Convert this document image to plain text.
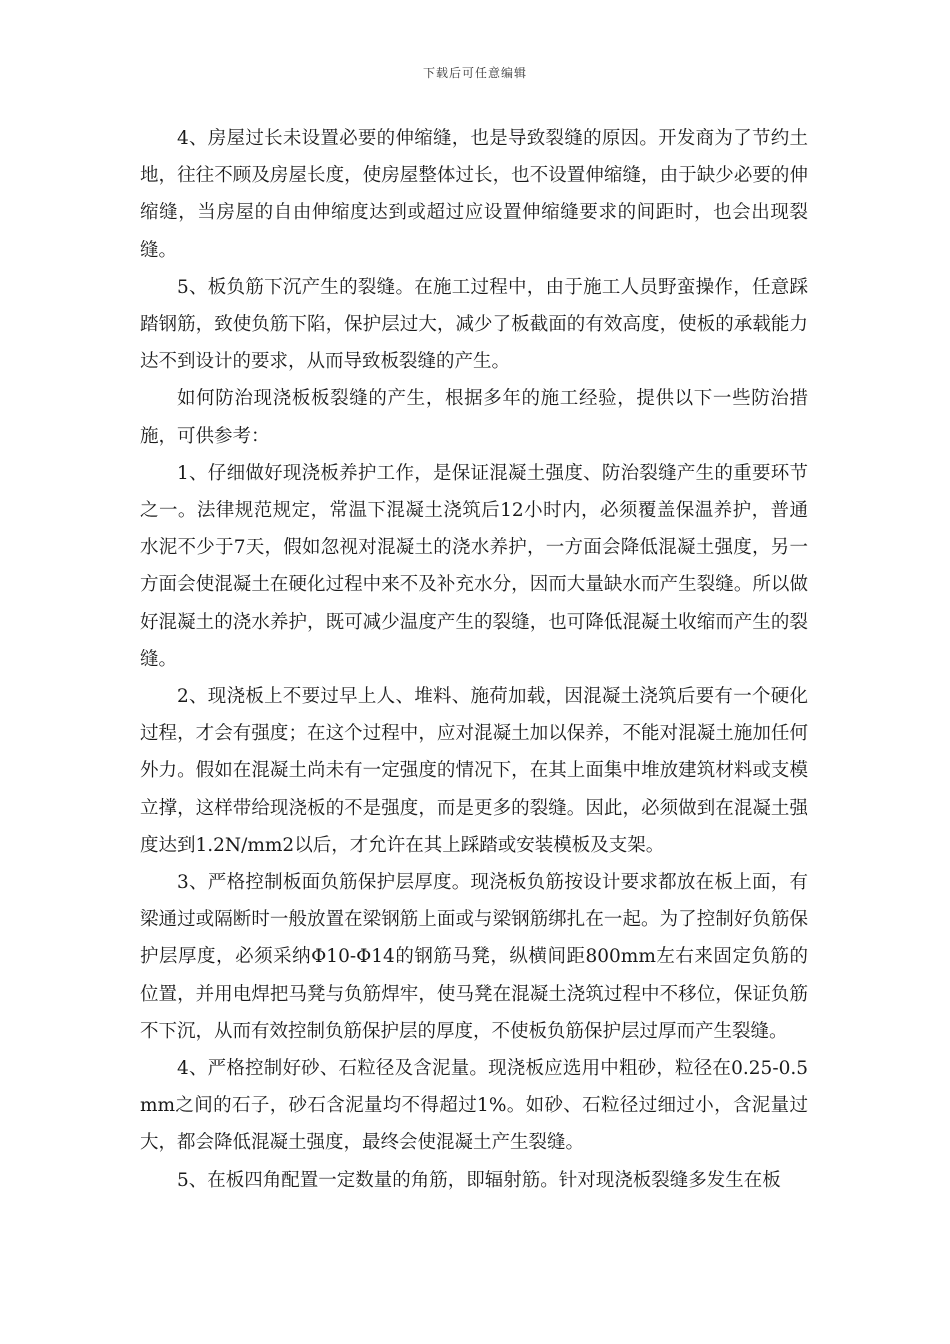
下载后可任意编辑

4、房屋过长未设置必要的伸缩缝，也是导致裂缝的原因。开发商为了节约土地，往往不顾及房屋长度，使房屋整体过长，也不设置伸缩缝，由于缺少必要的伸缩缝，当房屋的自由伸缩度达到或超过应设置伸缩缝要求的间距时，也会出现裂缝。

5、板负筋下沉产生的裂缝。在施工过程中，由于施工人员野蛮操作，任意踩踏钢筋，致使负筋下陷，保护层过大，减少了板截面的有效高度，使板的承载能力达不到设计的要求，从而导致板裂缝的产生。

如何防治现浇板板裂缝的产生，根据多年的施工经验，提供以下一些防治措施，可供参考：

1、仔细做好现浇板养护工作，是保证混凝土强度、防治裂缝产生的重要环节之一。法律规范规定，常温下混凝土浇筑后12小时内，必须覆盖保温养护，普通水泥不少于7天，假如忽视对混凝土的浇水养护，一方面会降低混凝土强度，另一方面会使混凝土在硬化过程中来不及补充水分，因而大量缺水而产生裂缝。所以做好混凝土的浇水养护，既可减少温度产生的裂缝，也可降低混凝土收缩而产生的裂缝。

2、现浇板上不要过早上人、堆料、施荷加载，因混凝土浇筑后要有一个硬化过程，才会有强度；在这个过程中，应对混凝土加以保养，不能对混凝土施加任何外力。假如在混凝土尚未有一定强度的情况下，在其上面集中堆放建筑材料或支模立撑，这样带给现浇板的不是强度，而是更多的裂缝。因此，必须做到在混凝土强度达到1.2N/mm2以后，才允许在其上踩踏或安装模板及支架。

3、严格控制板面负筋保护层厚度。现浇板负筋按设计要求都放在板上面，有梁通过或隔断时一般放置在梁钢筋上面或与梁钢筋绑扎在一起。为了控制好负筋保护层厚度，必须采纳Φ10-Φ14的钢筋马凳，纵横间距800mm左右来固定负筋的位置，并用电焊把马凳与负筋焊牢，使马凳在混凝土浇筑过程中不移位，保证负筋不下沉，从而有效控制负筋保护层的厚度，不使板负筋保护层过厚而产生裂缝。

4、严格控制好砂、石粒径及含泥量。现浇板应选用中粗砂，粒径在0.25-0.5mm之间的石子，砂石含泥量均不得超过1%。如砂、石粒径过细过小，含泥量过大，都会降低混凝土强度，最终会使混凝土产生裂缝。

5、在板四角配置一定数量的角筋，即辐射筋。针对现浇板裂缝多发生在板
